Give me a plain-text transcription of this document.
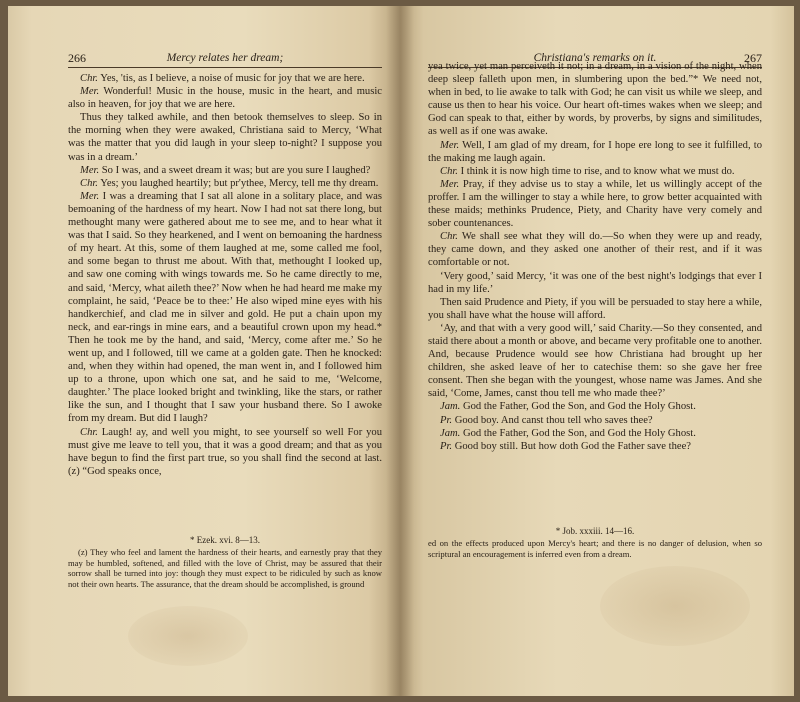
266	Mercy relates her dream;

Chr. Yes, 'tis, as I believe, a noise of music for joy that we are here.

Mer. Wonderful! Music in the house, music in the heart, and music also in heaven, for joy that we are here.

Thus they talked awhile, and then betook themselves to sleep. So in the morning when they were awaked, Christiana said to Mercy, ‘What was the matter that you did laugh in your sleep to-night? I suppose you was in a dream.’

Mer. So I was, and a sweet dream it was; but are you sure I laughed?

Chr. Yes; you laughed heartily; but pr'ythee, Mercy, tell me thy dream.

Mer. I was a dreaming that I sat all alone in a solitary place, and was bemoaning of the hardness of my heart. Now I had not sat there long, but methought many were gathered about me to see me, and to hear what it was that I said. So they hearkened, and I went on bemoaning the hardness of my heart. At this, some of them laughed at me, some called me fool, and some began to thrust me about. With that, methought I looked up, and saw one coming with wings towards me. So he came directly to me, and said, ‘Mercy, what aileth thee?’ Now when he had heard me make my complaint, he said, ‘Peace be to thee:’ He also wiped mine eyes with his handkerchief, and clad me in silver and gold. He put a chain upon my neck, and ear-rings in mine ears, and a beautiful crown upon my head.* Then he took me by the hand, and said, ‘Mercy, come after me.’ So he went up, and I followed, till we came at a golden gate. Then he knocked: and, when they within had opened, the man went in, and I followed him up to a throne, upon which one sat, and he said to me, ‘Welcome, daughter.’ The place looked bright and twinkling, like the stars, or rather like the sun, and I thought that I saw your husband there. So I awoke from my dream. But did I laugh?

Chr. Laugh! ay, and well you might, to see yourself so well For you must give me leave to tell you, that it was a good dream; and that as you have begun to find the first part true, so you shall find the second at last. (z) “God speaks once,

* Ezek. xvi. 8—13.

(z) They who feel and lament the hardness of their hearts, and earnestly pray that they may be humbled, softened, and filled with the love of Christ, may be assured that their sorrow shall be turned into joy: though they must expect to be ridiculed by such as know not their own hearts. The assurance, that the dream should be accomplished, is ground

Christiana's remarks on it.	267

yea twice, yet man perceiveth it not; in a dream, in a vision of the night, when deep sleep falleth upon men, in slumbering upon the bed.”* We need not, when in bed, to lie awake to talk with God; he can visit us while we sleep, and cause us then to hear his voice. Our heart oft-times wakes when we sleep; and God can speak to that, either by words, by proverbs, by signs and similitudes, as well as if one was awake.

Mer. Well, I am glad of my dream, for I hope ere long to see it fulfilled, to the making me laugh again.

Chr. I think it is now high time to rise, and to know what we must do.

Mer. Pray, if they advise us to stay a while, let us willingly accept of the proffer. I am the willinger to stay a while here, to grow better acquainted with these maids; methinks Prudence, Piety, and Charity have very comely and sober countenances.

Chr. We shall see what they will do.—So when they were up and ready, they came down, and they asked one another of their rest, and if it was comfortable or not.

‘Very good,’ said Mercy, ‘it was one of the best night's lodgings that ever I had in my life.’

Then said Prudence and Piety, if you will be persuaded to stay here a while, you shall have what the house will afford.

‘Ay, and that with a very good will,’ said Charity.—So they consented, and staid there about a month or above, and became very profitable one to another. And, because Prudence would see how Christiana had brought up her children, she asked leave of her to catechise them: so she gave her free consent. Then she began with the youngest, whose name was James. And she said, ‘Come, James, canst thou tell me who made thee?’

Jam. God the Father, God the Son, and God the Holy Ghost.

Pr. Good boy. And canst thou tell who saves thee?

Jam. God the Father, God the Son, and God the Holy Ghost.

Pr. Good boy still. But how doth God the Father save thee?

* Job. xxxiii. 14—16.

ed on the effects produced upon Mercy's heart; and there is no danger of delusion, when so scriptural an encouragement is inferred even from a dream.
